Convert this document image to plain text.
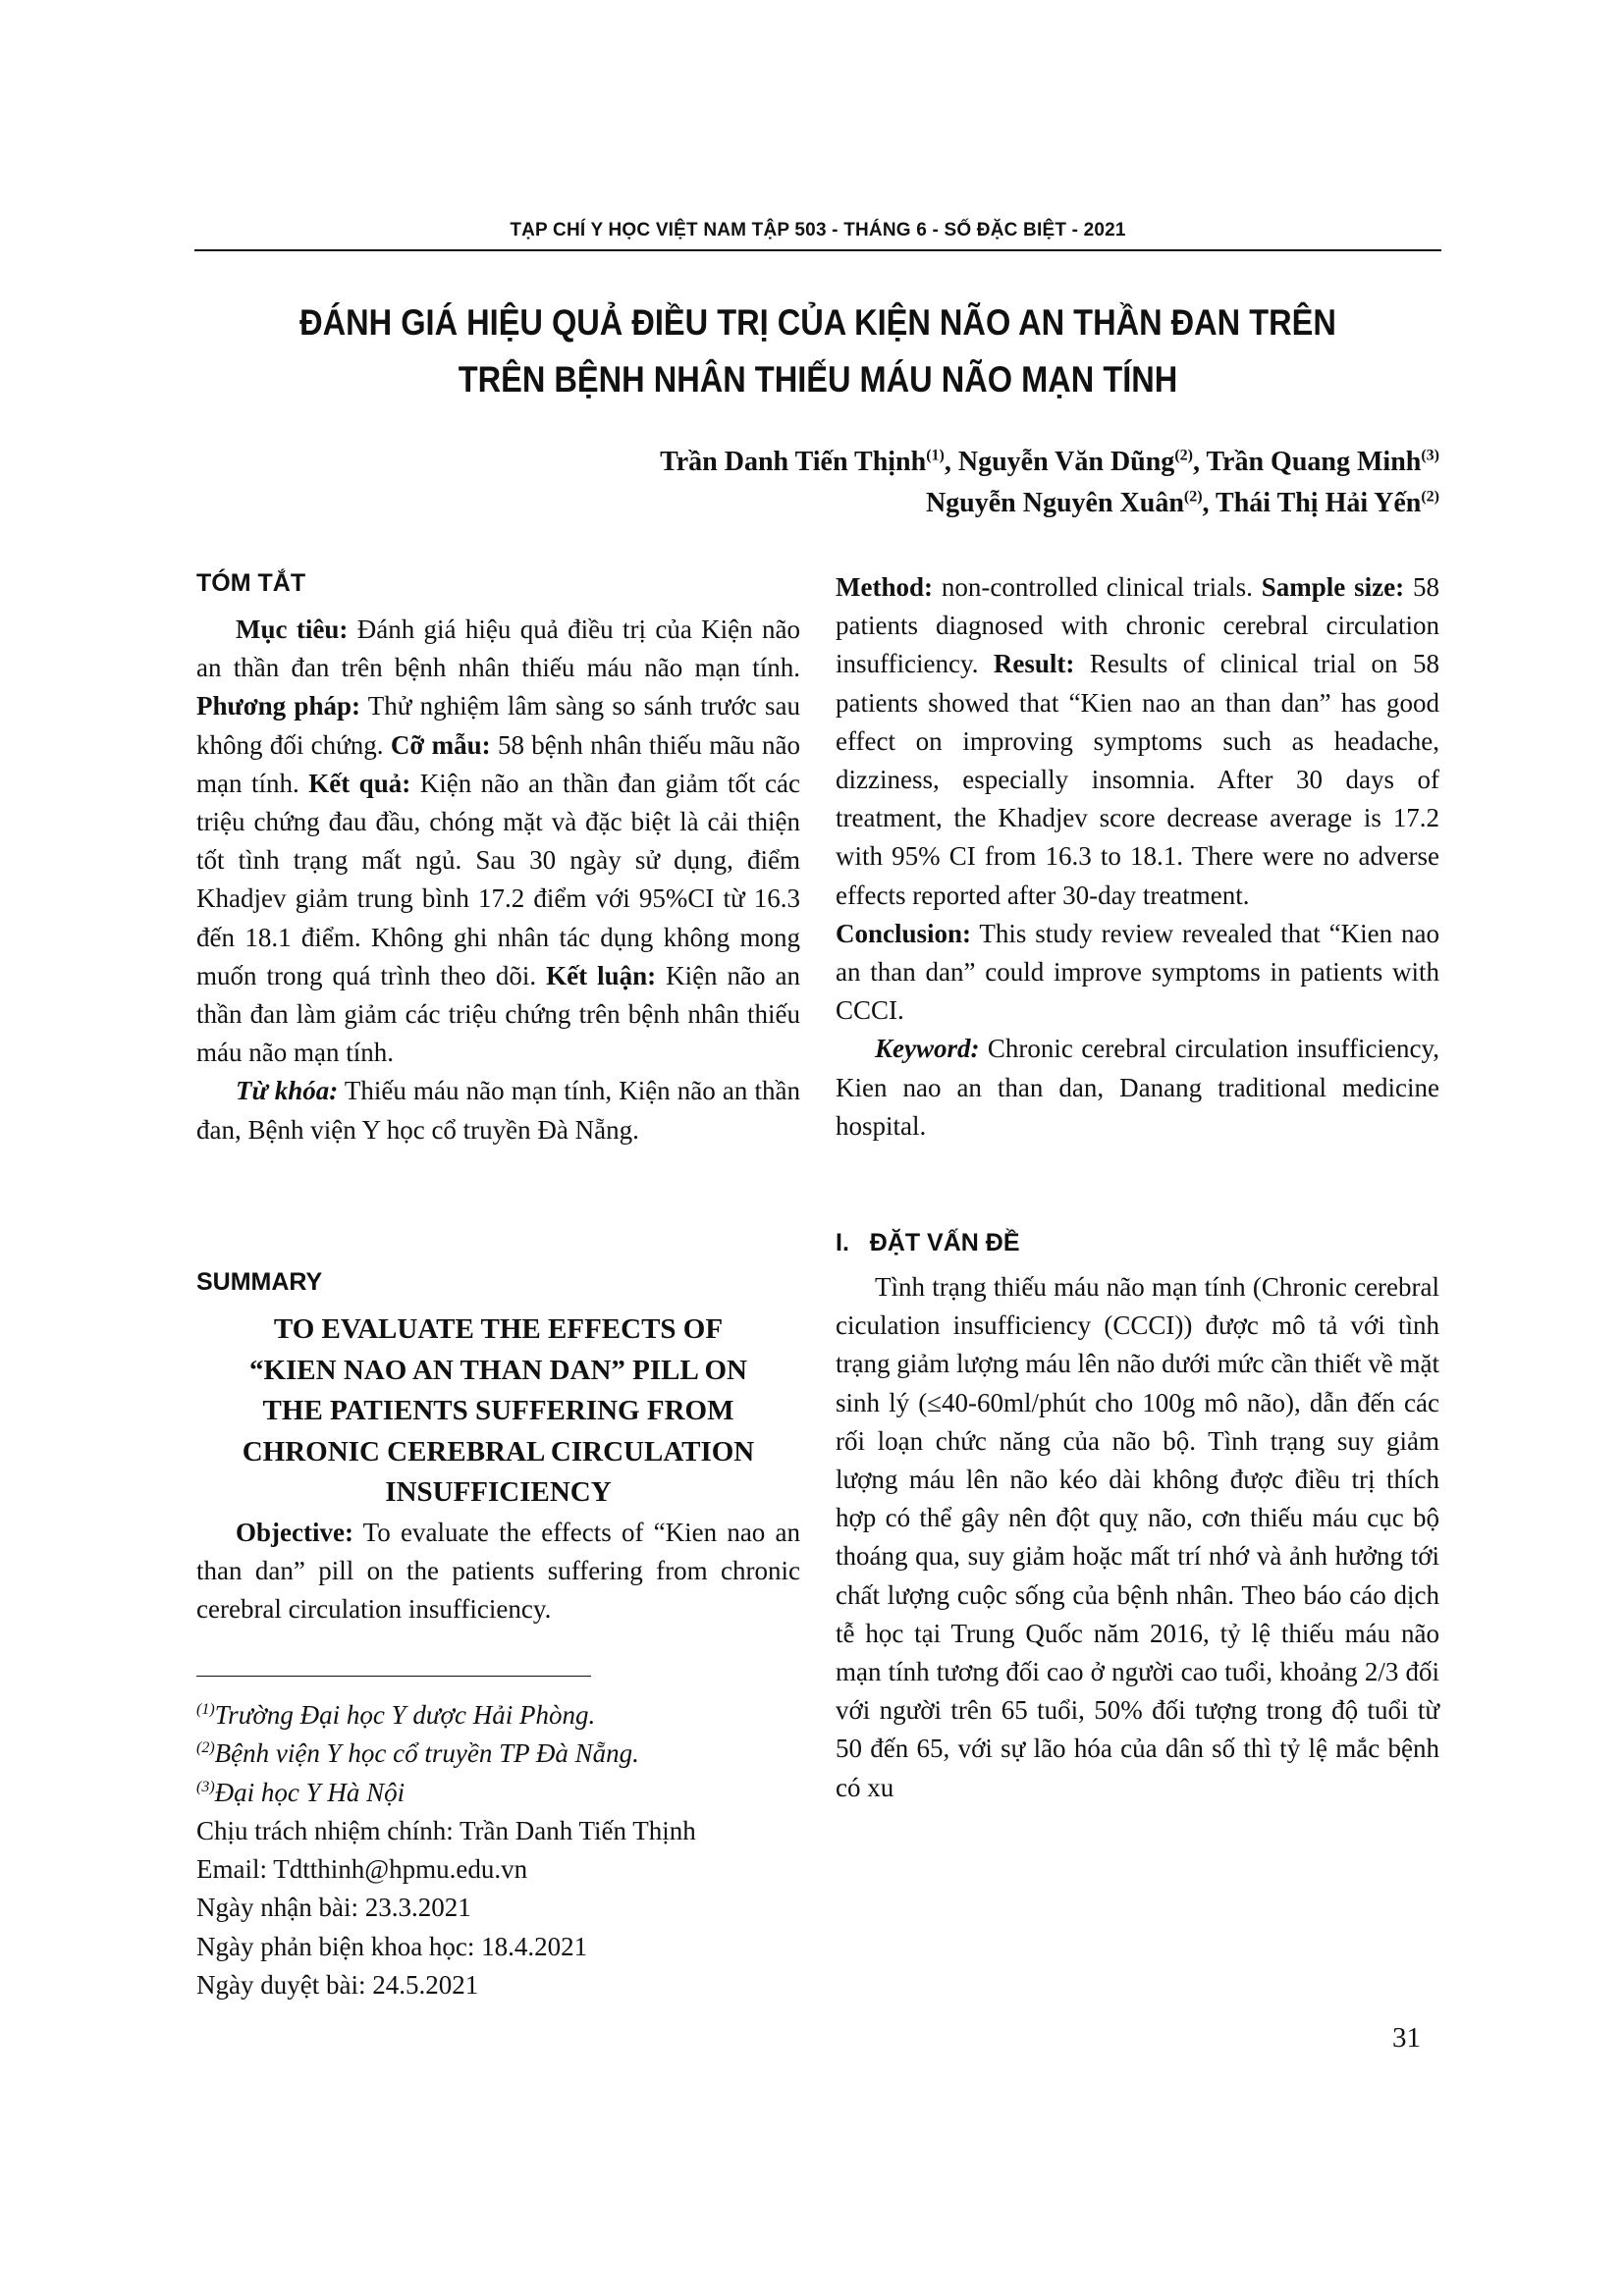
TẠP CHÍ Y HỌC VIỆT NAM TẬP 503 - THÁNG 6 - SỐ ĐẶC BIỆT - 2021
ĐÁNH GIÁ HIỆU QUẢ ĐIỀU TRỊ CỦA KIỆN NÃO AN THẦN ĐAN TRÊN
TRÊN BỆNH NHÂN THIẾU MÁU NÃO MẠN TÍNH
Trần Danh Tiến Thịnh$^{(1)}$, Nguyễn Văn Dũng$^{(2)}$, Trần Quang Minh$^{(3)}$
Nguyễn Nguyên Xuân$^{(2)}$, Thái Thị Hải Yến$^{(2)}$
TÓM TẮT

Mục tiêu: Đánh giá hiệu quả điều trị của Kiện não an thần đan trên bệnh nhân thiếu máu não mạn tính. Phương pháp: Thử nghiệm lâm sàng so sánh trước sau không đối chứng. Cỡ mẫu: 58 bệnh nhân thiếu mãu não mạn tính. Kết quả: Kiện não an thần đan giảm tốt các triệu chứng đau đầu, chóng mặt và đặc biệt là cải thiện tốt tình trạng mất ngủ. Sau 30 ngày sử dụng, điểm Khadjev giảm trung bình 17.2 điểm với 95%CI từ 16.3 đến 18.1 điểm. Không ghi nhân tác dụng không mong muốn trong quá trình theo dõi. Kết luận: Kiện não an thần đan làm giảm các triệu chứng trên bệnh nhân thiếu máu não mạn tính.

Từ khóa: Thiếu máu não mạn tính, Kiện não an thần đan, Bệnh viện Y học cổ truyền Đà Nẵng.

SUMMARY
TO EVALUATE THE EFFECTS OF
“KIEN NAO AN THAN DAN” PILL ON
THE PATIENTS SUFFERING FROM
CHRONIC CEREBRAL CIRCULATION
INSUFFICIENCY

Objective: To evaluate the effects of “Kien nao an than dan” pill on the patients suffering from chronic cerebral circulation insufficiency.

$^{(1)}$Trường Đại học Y dược Hải Phòng.
$^{(2)}$Bệnh viện Y học cổ truyền TP Đà Nẵng.
$^{(3)}$Đại học Y Hà Nội
Chịu trách nhiệm chính: Trần Danh Tiến Thịnh
Email: Tdtthinh@hpmu.edu.vn
Ngày nhận bài: 23.3.2021
Ngày phản biện khoa học: 18.4.2021
Ngày duyệt bài: 24.5.2021

Method: non-controlled clinical trials. Sample size: 58 patients diagnosed with chronic cerebral circulation insufficiency. Result: Results of clinical trial on 58 patients showed that “Kien nao an than dan” has good effect on improving symptoms such as headache, dizziness, especially insomnia. After 30 days of treatment, the Khadjev score decrease average is 17.2 with 95% CI from 16.3 to 18.1. There were no adverse effects reported after 30-day treatment.
Conclusion: This study review revealed that “Kien nao an than dan” could improve symptoms in patients with CCCI.

Keyword: Chronic cerebral circulation insufficiency, Kien nao an than dan, Danang traditional medicine hospital.

I.   ĐẶT VẤN ĐỀ

Tình trạng thiếu máu não mạn tính (Chronic cerebral ciculation insufficiency (CCCI)) được mô tả với tình trạng giảm lượng máu lên não dưới mức cần thiết về mặt sinh lý (≤40-60ml/phút cho 100g mô não), dẫn đến các rối loạn chức năng của não bộ. Tình trạng suy giảm lượng máu lên não kéo dài không được điều trị thích hợp có thể gây nên đột quỵ não, cơn thiếu máu cục bộ thoáng qua, suy giảm hoặc mất trí nhớ và ảnh hưởng tới chất lượng cuộc sống của bệnh nhân. Theo báo cáo dịch tễ học tại Trung Quốc năm 2016, tỷ lệ thiếu máu não mạn tính tương đối cao ở người cao tuổi, khoảng 2/3 đối với người trên 65 tuổi, 50% đối tượng trong độ tuổi từ 50 đến 65, với sự lão hóa của dân số thì tỷ lệ mắc bệnh có xu

31
